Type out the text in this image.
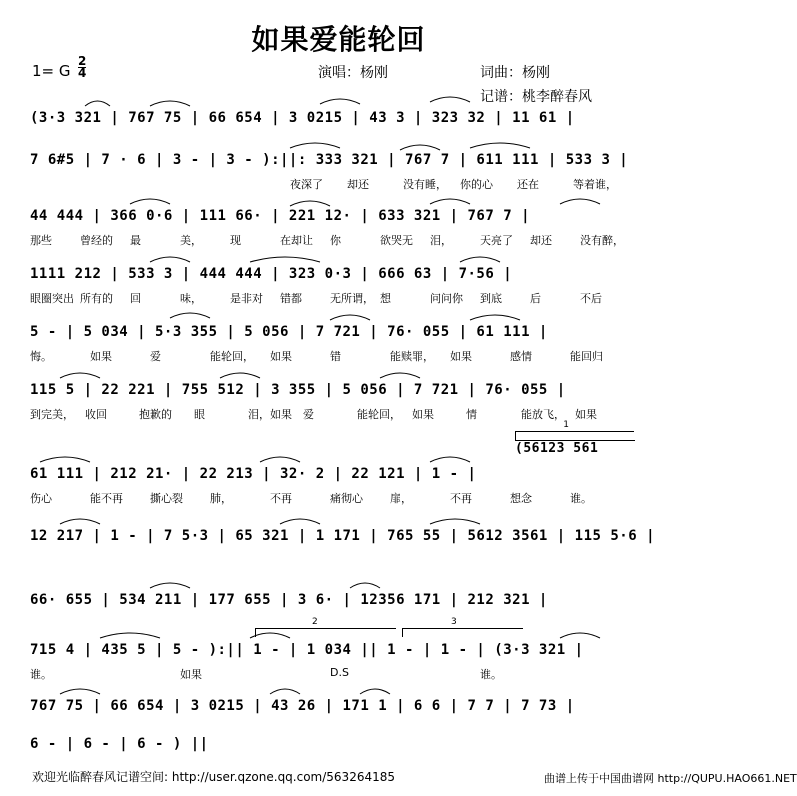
如果爱能轮回
1= G
2
4	演唱：杨刚	词曲：杨刚
记谱：桃李醉春风
(3·3 321 | 767 75 | 66 654 | 3 0215 | 43 3 | 323 32 | 11 61 |
7 6#5 | 7 · 6 | 3 - | 3 - ):||: 333 321 | 767 7 | 611 111 | 533 3 |
夜深了 却还	没有睡， 你的心 还在	等着谁，
44 444 | 366 0·6 | 111 66· | 221 12· | 633 321 | 767 7 |
那些	曾经的 最	美，	现	在却让 你	欲哭无 泪，	天亮了 却还	没有醉，
1111 212 | 533 3 | 444 444 | 323 0·3 | 666 63 | 7·56 |
眼圈突出 所有的 回	味，	是非对 错都	无所谓， 想	问问你 到底	后	不后
5 - | 5 034 | 5·3 355 | 5 056 | 7 721 | 76· 055 | 61 111 |
悔。	如果	爱	能轮回， 如果	错	能赎罪， 如果	感情	能回归
115 5 | 22 221 | 755 512 | 3 355 | 5 056 | 7 721 | 76· 055 |
到完美， 收回	抱歉的 眼	泪，如果 爱	能轮回， 如果	情	能放飞， 如果
61 111 | 212 21· | 22 213 | 32· 2 | 22 121 | 1 - |
伤心	能不再 撕心裂 肺，	不再	痛彻心 扉，	不再	想念	谁。
12 217 | 1 - | 7 5·3 | 65 321 | 1 171 | 765 55 | 5612 3561 | 115 5·6 |
66· 655 | 534 211 | 177 655 | 3 6· | 12356 171 | 212 321 |
715 4 | 435 5 | 5 - ):|| 1 - | 1 034 || 1 - | 1 - | (3·3 321 |
谁。	如果	D.S	谁。
767 75 | 66 654 | 3 0215 | 43 26 | 171 1 | 6 6 | 7 7 | 7 73 |
6 - | 6 - | 6 - ) ||
(56123 561
1
2	3
欢迎光临醉春风记谱空间: http://user.qzone.qq.com/563264185	曲谱上传于中国曲谱网 http://QUPU.HAO661.NET
